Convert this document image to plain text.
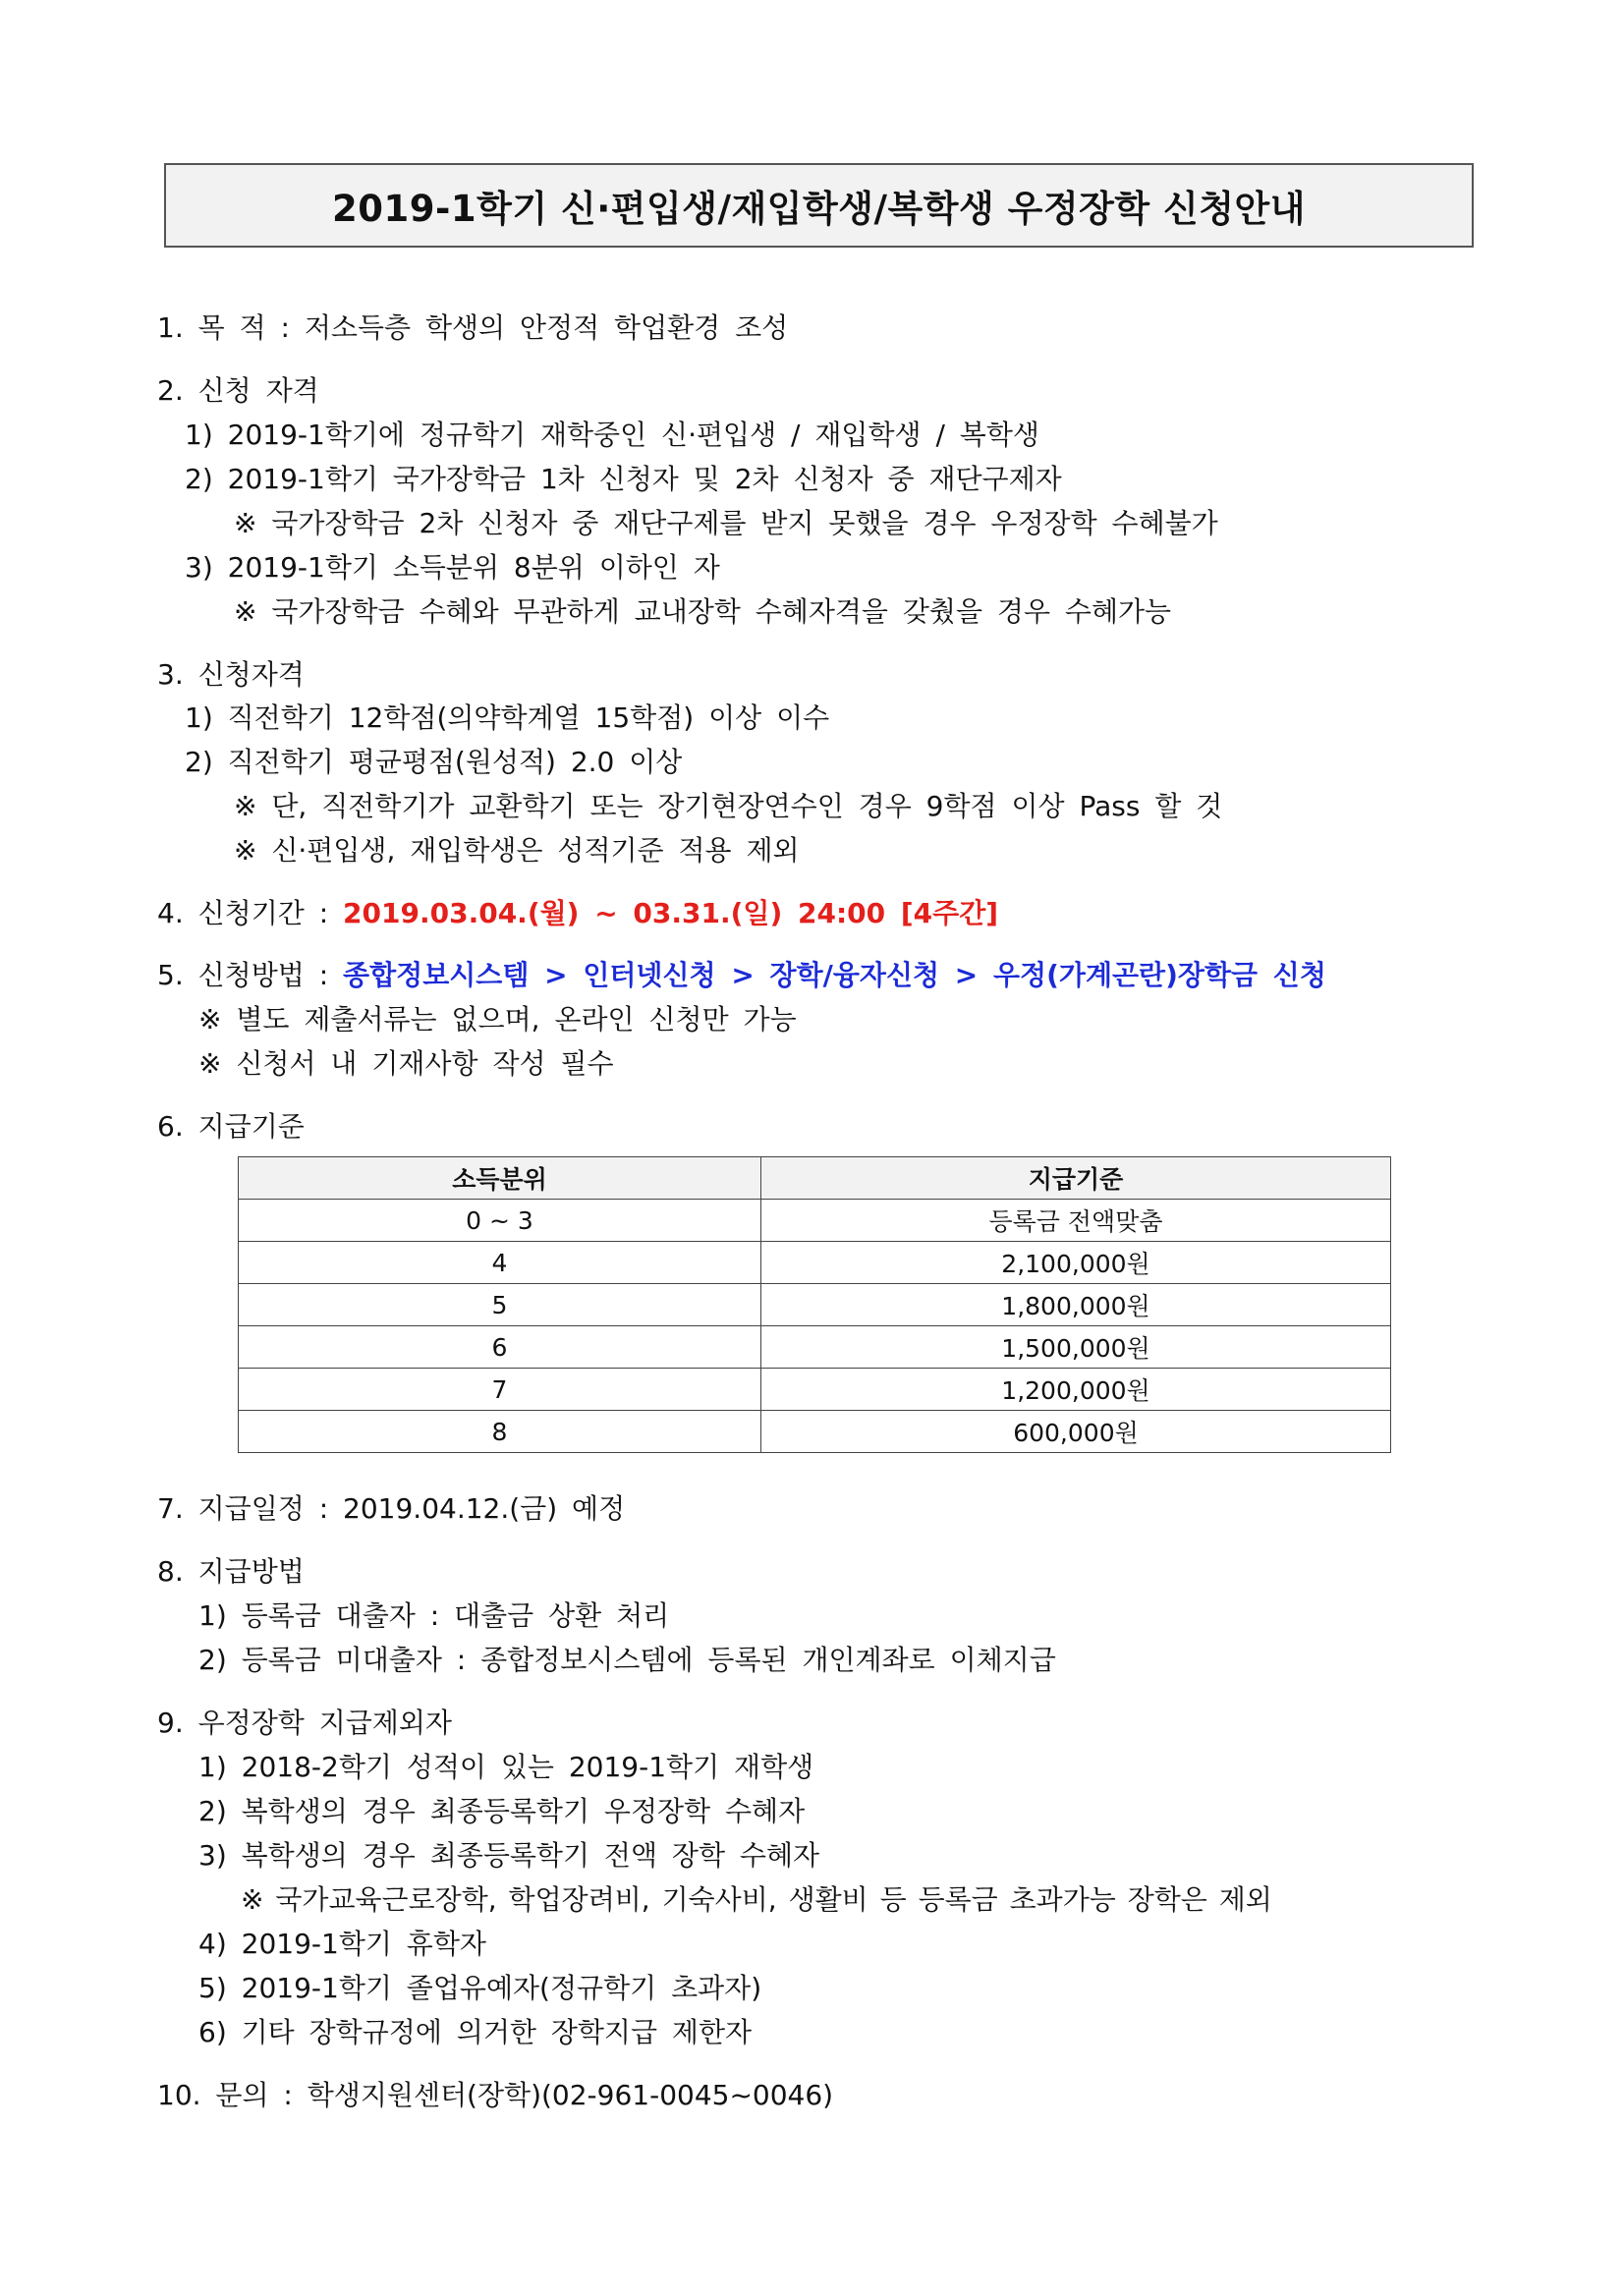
2019-1학기 신·편입생/재입학생/복학생 우정장학 신청안내
1. 목 적 : 저소득층 학생의 안정적 학업환경 조성
2. 신청 자격
1) 2019-1학기에 정규학기 재학중인 신·편입생 / 재입학생 / 복학생
2) 2019-1학기 국가장학금 1차 신청자 및 2차 신청자 중 재단구제자
※ 국가장학금 2차 신청자 중 재단구제를 받지 못했을 경우 우정장학 수혜불가
3) 2019-1학기 소득분위 8분위 이하인 자
※ 국가장학금 수혜와 무관하게 교내장학 수혜자격을 갖췄을 경우 수혜가능
3. 신청자격
1) 직전학기 12학점(의약학계열 15학점) 이상 이수
2) 직전학기 평균평점(원성적) 2.0 이상
※ 단, 직전학기가 교환학기 또는 장기현장연수인 경우 9학점 이상 Pass 할 것
※ 신·편입생, 재입학생은 성적기준 적용 제외
4. 신청기간 : 2019.03.04.(월) ~ 03.31.(일) 24:00 [4주간]
5. 신청방법 : 종합정보시스템 > 인터넷신청 > 장학/융자신청 > 우정(가계곤란)장학금 신청
※ 별도 제출서류는 없으며, 온라인 신청만 가능
※ 신청서 내 기재사항 작성 필수
6. 지급기준
소득분위	지급기준
0 ~ 3	등록금 전액맞춤
4	2,100,000원
5	1,800,000원
6	1,500,000원
7	1,200,000원
8	600,000원
7. 지급일정 : 2019.04.12.(금) 예정
8. 지급방법
1) 등록금 대출자 : 대출금 상환 처리
2) 등록금 미대출자 : 종합정보시스템에 등록된 개인계좌로 이체지급
9. 우정장학 지급제외자
1) 2018-2학기 성적이 있는 2019-1학기 재학생
2) 복학생의 경우 최종등록학기 우정장학 수혜자
3) 복학생의 경우 최종등록학기 전액 장학 수혜자
※ 국가교육근로장학, 학업장려비, 기숙사비, 생활비 등 등록금 초과가능 장학은 제외
4) 2019-1학기 휴학자
5) 2019-1학기 졸업유예자(정규학기 초과자)
6) 기타 장학규정에 의거한 장학지급 제한자
10. 문의 : 학생지원센터(장학)(02-961-0045~0046)
